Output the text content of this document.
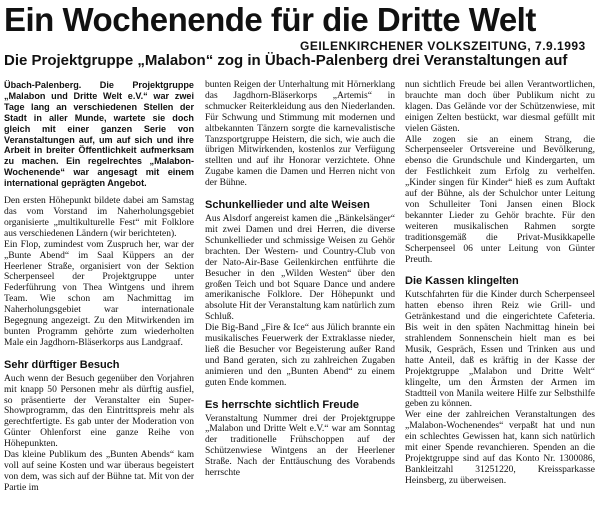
Ein Wochenende für die Dritte Welt
GEILENKIRCHENER VOLKSZEITUNG, 7.9.1993
Die Projektgruppe „Malabon“ zog in Übach-Palenberg drei Veranstaltungen auf

Übach-Palenberg. Die Projektgruppe „Malabon und Dritte Welt e.V.“ war zwei Tage lang an verschiedenen Stellen der Stadt in aller Munde, wartete sie doch gleich mit einer ganzen Serie von Veranstaltungen auf, um auf sich und ihre Arbeit in breiter Öffentlichkeit aufmerksam zu machen. Ein regelrechtes „Malabon-Wochenende“ war angesagt mit einem international geprägten Angebot.

Den ersten Höhepunkt bildete dabei am Samstag das vom Vorstand im Naherholungsgebiet organisierte „multikulturelle Fest“ mit Folklore aus verschiedenen Ländern (wir berichteten).

Ein Flop, zumindest vom Zuspruch her, war der „Bunte Abend“ im Saal Küppers an der Heerlener Straße, organisiert von der Sektion Scherpenseel der Projektgruppe unter Federführung von Thea Wintgens und ihrem Team. Wie schon am Nachmittag im Naherholungsgebiet war internationale Begegnung angezeigt. Zu den Mitwirkenden im bunten Programm gehörte zum wiederholten Male ein Jagdhorn-Bläserkorps aus Landgraaf.

Sehr dürftiger Besuch

Auch wenn der Besuch gegenüber den Vorjahren mit knapp 50 Personen mehr als dürftig ausfiel, so präsentierte der Veranstalter ein Super-Showprogramm, das den Eintrittspreis mehr als gerechtfertigte. Es gab unter der Moderation von Günter Ohlenforst eine ganze Reihe von Höhepunkten.

Das kleine Publikum des „Bunten Abends“ kam voll auf seine Kosten und war überaus begeistert von dem, was sich auf der Bühne tat. Mit von der Partie im

bunten Reigen der Unterhaltung mit Hörnerklang das Jagdhorn-Bläserkorps „Artemis“ in schmucker Reiterkleidung aus den Niederlanden. Für Schwung und Stimmung mit modernen und altbekannten Tänzern sorgte die karnevalistische Tanzsportgruppe Heistern, die sich, wie auch die übrigen Mitwirkenden, kostenlos zur Verfügung stellten und auf ihr Honorar verzichtete. Ohne Zugabe kamen die Damen und Herren nicht von der Bühne.

Schunkellieder und alte Weisen

Aus Alsdorf angereist kamen die „Bänkelsänger“ mit zwei Damen und drei Herren, die diverse Schunkellieder und schmissige Weisen zu Gehör brachten. Der Western- und Country-Club von der Nato-Air-Base Geilenkirchen entführte die Besucher in den „Wilden Westen“ über den großen Teich und bot Square Dance und andere amerikanische Folklore. Der Höhepunkt und absolute Hit der Veranstaltung kam natürlich zum Schluß.

Die Big-Band „Fire & Ice“ aus Jülich brannte ein musikalisches Feuerwerk der Extraklasse nieder, ließ die Besucher vor Begeisterung außer Rand und Band geraten, sich zu zahlreichen Zugaben animieren und den „Bunten Abend“ zu einem guten Ende kommen.

Es herrschte sichtlich Freude

Veranstaltung Nummer drei der Projektgruppe „Malabon und Dritte Welt e.V.“ war am Sonntag der traditionelle Frühschoppen auf der Schützenwiese Wintgens an der Heerlener Straße. Nach der Enttäuschung des Vorabends herrschte

nun sichtlich Freude bei allen Verantwortlichen, brauchte man doch über Publikum nicht zu klagen. Das Gelände vor der Schützenwiese, mit einigen Zelten bestückt, war diesmal gefüllt mit vielen Gästen.

Alle zogen sie an einem Strang, die Scherpenseeler Ortsvereine und Bevölkerung, ebenso die Grundschule und Kindergarten, um der Festlichkeit zum Erfolg zu verhelfen. „Kinder singen für Kinder“ hieß es zum Auftakt auf der Bühne, als der Schulchor unter Leitung von Schulleiter Toni Jansen einen Block bekannter Lieder zu Gehör brachte. Für den weiteren musikalischen Rahmen sorgte traditionsgemäß die Privat-Musikkapelle Scherpenseel 06 unter Leitung von Günter Preuth.

Die Kassen klingelten

Kutschfahrten für die Kinder durch Scherpenseel hatten ebenso ihren Reiz wie Grill- und Getränkestand und die eingerichtete Cafeteria. Bis weit in den späten Nachmittag hinein bei strahlendem Sonnenschein hielt man es bei Musik, Gespräch, Essen und Trinken aus und hatte Anteil, daß es kräftig in der Kasse der Projektgruppe „Malabon und Dritte Welt“ klingelte, um den Ärmsten der Armen im Stadtteil von Manila weitere Hilfe zur Selbsthilfe geben zu können.

Wer eine der zahlreichen Veranstaltungen des „Malabon-Wochenendes“ verpaßt hat und nun ein schlechtes Gewissen hat, kann sich natürlich mit einer Spende revanchieren. Spenden an die Projektgruppe sind auf das Konto Nr. 1300086, Bankleitzahl 31251220, Kreissparkasse Heinsberg, zu überweisen.
